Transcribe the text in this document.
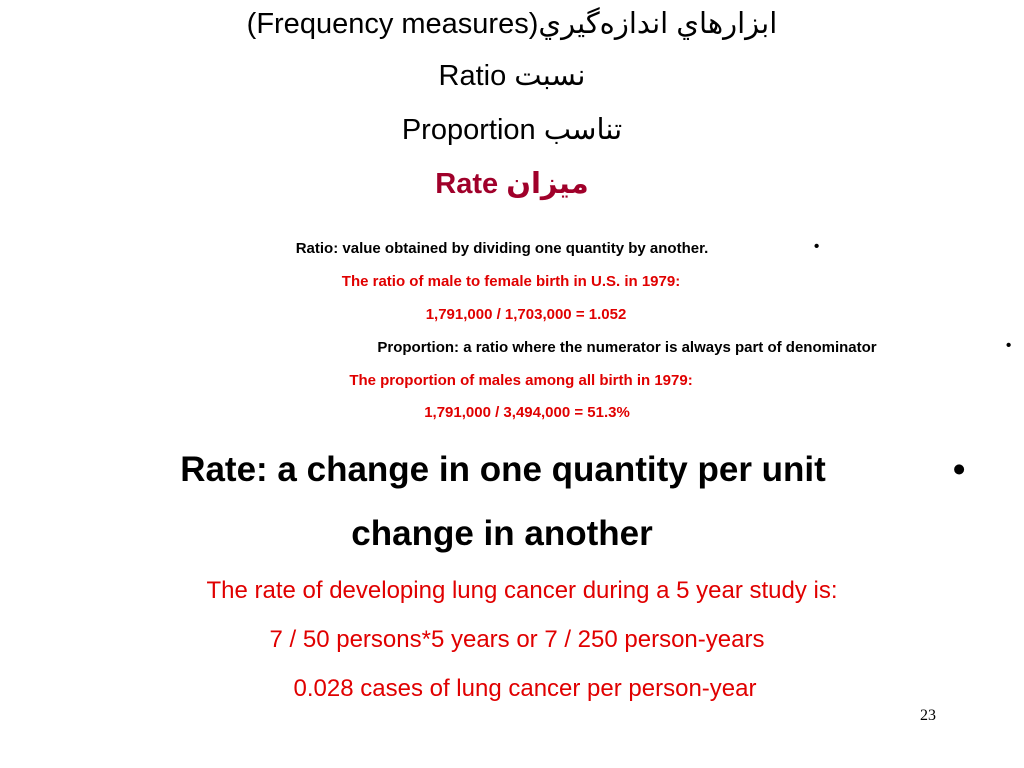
(Frequency measures)ابزارهاي اندازه‌گيري
Ratio نسبت
Proportion تناسب
Rate ميزان
Ratio: value obtained by dividing one quantity by another.	•
The ratio of male to female birth in U.S. in 1979:
1,791,000 / 1,703,000 = 1.052
Proportion: a ratio where the numerator is always part of denominator	•
The proportion of males among all birth in 1979:
1,791,000 / 3,494,000 = 51.3%
Rate: a change in one quantity per unit	•
change in another
The rate of developing lung cancer during a 5 year study is:
7 / 50 persons*5 years or 7 / 250 person-years
0.028 cases of lung cancer per person-year
23
